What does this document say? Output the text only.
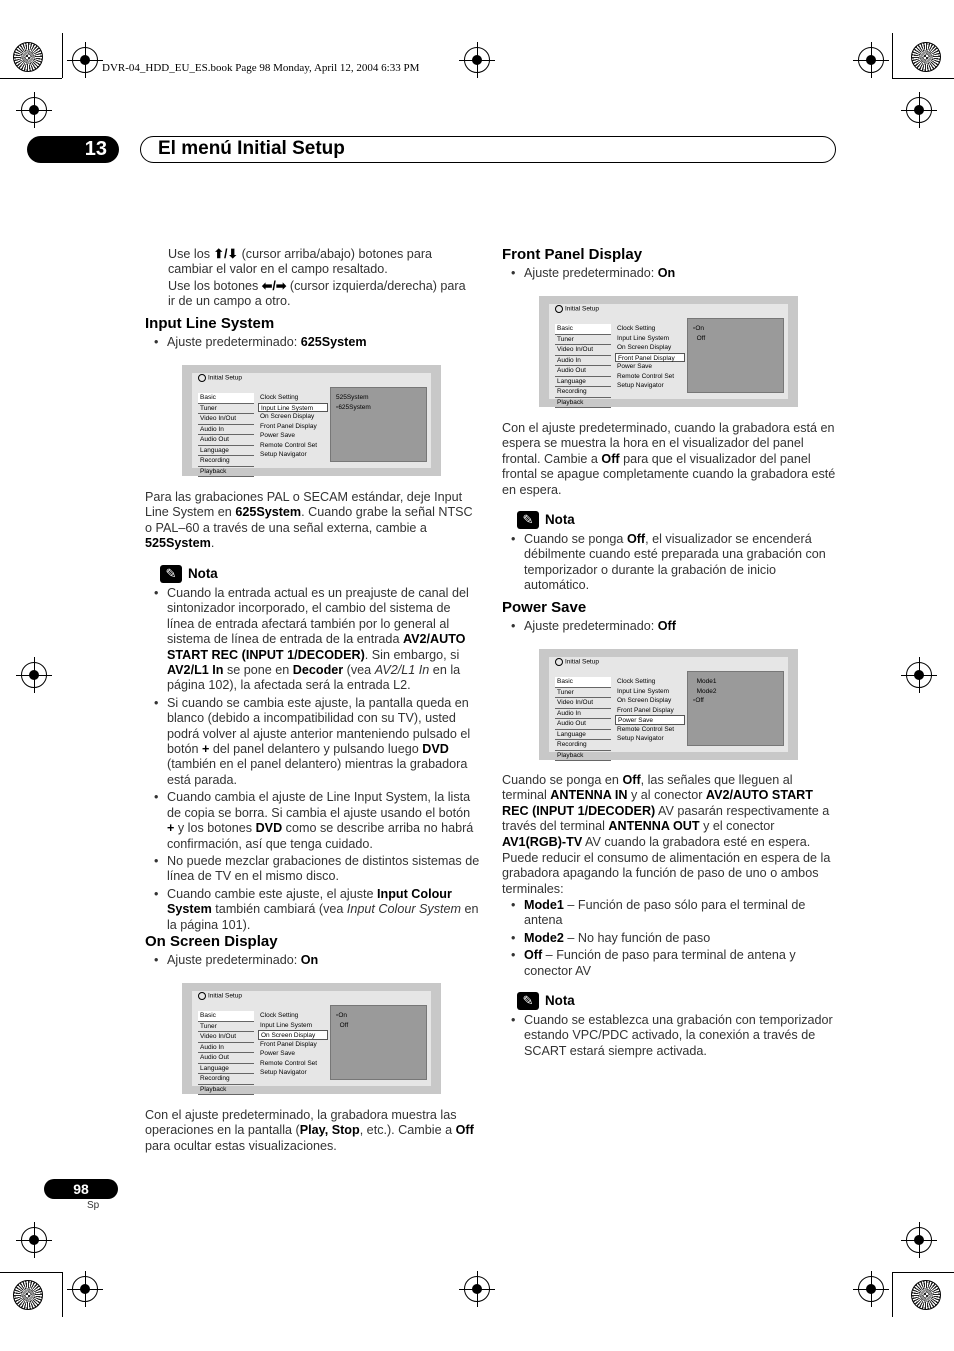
DVR-04_HDD_EU_ES.book Page 98 Monday, April 12, 2004 6:33 PM
13	El menú Initial Setup
Use los ⬆/⬇ (cursor arriba/abajo) botones para cambiar el valor en el campo resaltado.
Use los botones ⬅/➡ (cursor izquierda/derecha) para ir de un campo a otro.
Input Line System
• Ajuste predeterminado: 625System
Initial Setup
Basic
Tuner
Video In/Out
Audio In
Audio Out
Language
Recording
Playback
Clock Setting
Input Line System
On Screen Display
Front Panel Display
Power Save
Remote Control Set
Setup Navigator
525System
▫625System
Para las grabaciones PAL o SECAM estándar, deje Input Line System en 625System. Cuando grabe la señal NTSC o PAL–60 a través de una señal externa, cambie a 525System.
✎ Nota
• Cuando la entrada actual es un preajuste de canal del sintonizador incorporado, el cambio del sistema de línea de entrada afectará también por lo general al sistema de línea de entrada de la entrada AV2/AUTO START REC (INPUT 1/DECODER). Sin embargo, si AV2/L1 In se pone en Decoder (vea AV2/L1 In en la página 102), la afectada será la entrada L2.
• Si cuando se cambia este ajuste, la pantalla queda en blanco (debido a incompatibilidad con su TV), usted podrá volver al ajuste anterior manteniendo pulsado el botón + del panel delantero y pulsando luego DVD (también en el panel delantero) mientras la grabadora está parada.
• Cuando cambia el ajuste de Line Input System, la lista de copia se borra. Si cambia el ajuste usando el botón + y los botones DVD como se describe arriba no habrá confirmación, así que tenga cuidado.
• No puede mezclar grabaciones de distintos sistemas de línea de TV en el mismo disco.
• Cuando cambie este ajuste, el ajuste Input Colour System también cambiará (vea Input Colour System en la página 101).
On Screen Display
• Ajuste predeterminado: On
Initial Setup
Basic
Tuner
Video In/Out
Audio In
Audio Out
Language
Recording
Playback
Clock Setting
Input Line System
On Screen Display
Front Panel Display
Power Save
Remote Control Set
Setup Navigator
▫On
Off
Con el ajuste predeterminado, la grabadora muestra las operaciones en la pantalla (Play, Stop, etc.). Cambie a Off para ocultar estas visualizaciones.
Front Panel Display
• Ajuste predeterminado: On
Initial Setup
Basic
Tuner
Video In/Out
Audio In
Audio Out
Language
Recording
Playback
Clock Setting
Input Line System
On Screen Display
Front Panel Display
Power Save
Remote Control Set
Setup Navigator
▫On
Off
Con el ajuste predeterminado, cuando la grabadora está en espera se muestra la hora en el visualizador del panel frontal. Cambie a Off para que el visualizador del panel frontal se apague completamente cuando la grabadora esté en espera.
✎ Nota
• Cuando se ponga Off, el visualizador se encenderá débilmente cuando esté preparada una grabación con temporizador o durante la grabación de inicio automático.
Power Save
• Ajuste predeterminado: Off
Initial Setup
Basic
Tuner
Video In/Out
Audio In
Audio Out
Language
Recording
Playback
Clock Setting
Input Line System
On Screen Display
Front Panel Display
Power Save
Remote Control Set
Setup Navigator
Mode1
Mode2
▫Off
Cuando se ponga en Off, las señales que lleguen al terminal ANTENNA IN y al conector AV2/AUTO START REC (INPUT 1/DECODER) AV pasarán respectivamente a través del terminal ANTENNA OUT y el conector AV1(RGB)-TV AV cuando la grabadora esté en espera.
Puede reducir el consumo de alimentación en espera de la grabadora apagando la función de paso de uno o ambos terminales:
• Mode1 – Función de paso sólo para el terminal de antena
• Mode2 – No hay función de paso
• Off – Función de paso para terminal de antena y conector AV
✎ Nota
• Cuando se establezca una grabación con temporizador estando VPC/PDC activado, la conexión a través de SCART estará siempre activada.
98
Sp
